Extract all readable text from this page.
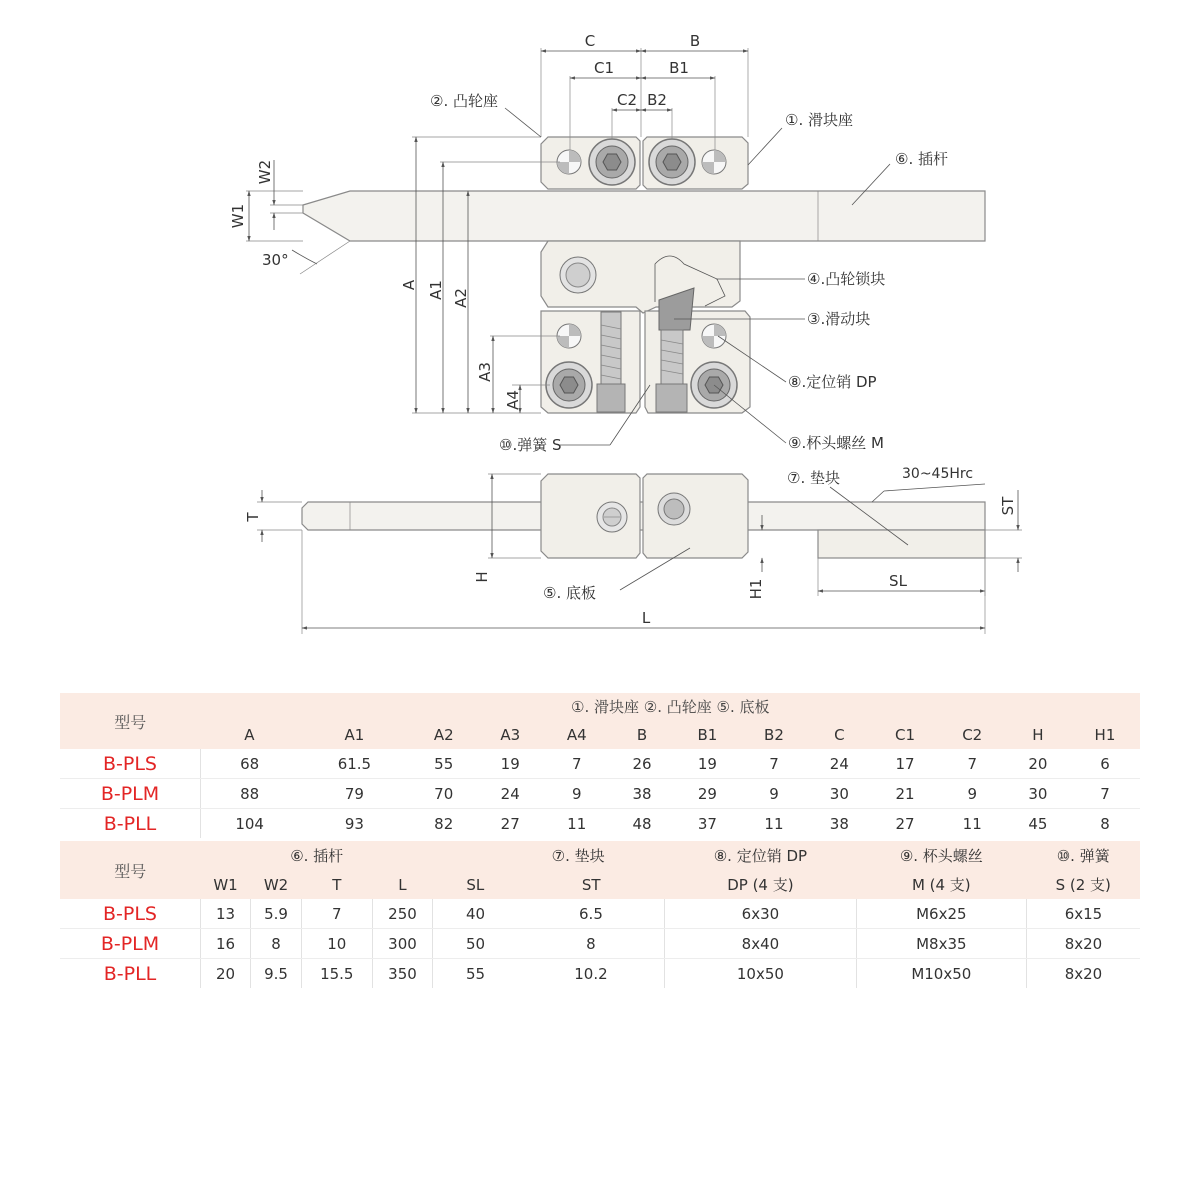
C	B
C1	B1
C2 B2
A A1 A2
A3
A4
W1
W2
30°
②. 凸轮座
①. 滑块座
⑥. 插杆
④.凸轮锁块
③.滑动块
⑧.定位销 DP
⑩.弹簧 S	⑨.杯头螺丝 M
T
H
H1
ST
SL
L
30~45Hrc
⑦. 垫块
⑤. 底板
型号	①. 滑块座 ②. 凸轮座 ⑤. 底板												
	A	A1	A2	A3	A4	B	B1	B2	C	C1	C2	H	H1
B-PLS	68	61.5	55	19	7	26	19	7	24	17	7	20	6
B-PLM	88	79	70	24	9	38	29	9	30	21	9	30	7
B-PLL	104	93	82	27	11	48	37	11	38	27	11	45	8
型号	⑥. 插杆				⑦. 垫块		⑧. 定位销 DP	⑨. 杯头螺丝	⑩. 弹簧
	W1	W2	T	L	SL	ST	DP (4 支)	M (4 支)	S (2 支)
B-PLS	13	5.9	7	250	40	6.5	6x30	M6x25	6x15
B-PLM	16	8	10	300	50	8	8x40	M8x35	8x20
B-PLL	20	9.5	15.5	350	55	10.2	10x50	M10x50	8x20
